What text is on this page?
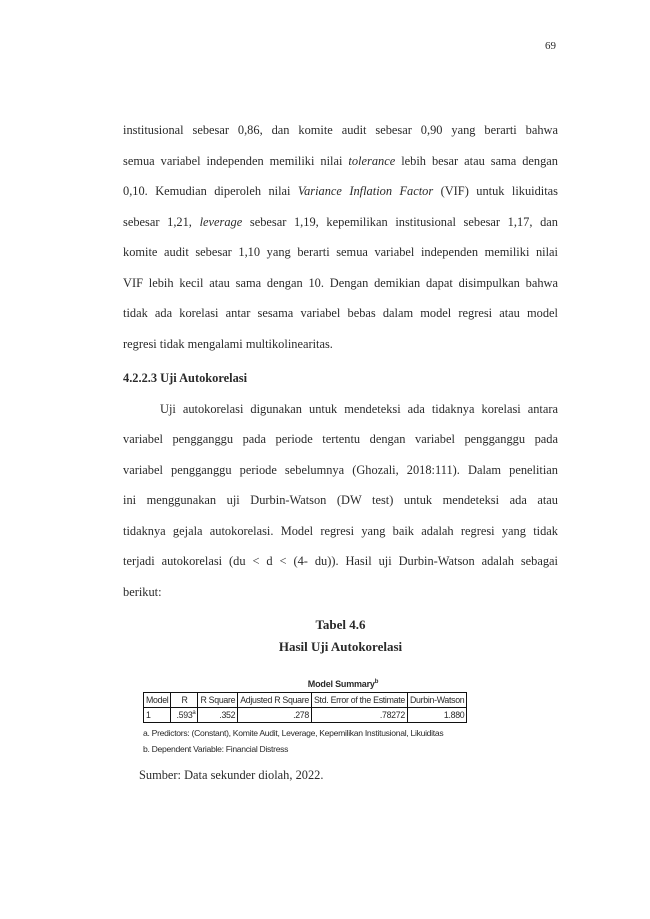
69
institusional sebesar 0,86, dan komite audit sebesar 0,90 yang berarti bahwa
semua variabel independen memiliki nilai tolerance lebih besar atau sama dengan
0,10. Kemudian diperoleh nilai Variance Inflation Factor (VIF) untuk likuiditas
sebesar 1,21, leverage sebesar 1,19, kepemilikan institusional sebesar 1,17, dan
komite audit sebesar 1,10 yang berarti semua variabel independen memiliki nilai
VIF lebih kecil atau sama dengan 10. Dengan demikian dapat disimpulkan bahwa
tidak ada korelasi antar sesama variabel bebas dalam model regresi atau model
regresi tidak mengalami multikolinearitas.
4.2.2.3 Uji Autokorelasi
Uji autokorelasi digunakan untuk mendeteksi ada tidaknya korelasi antara
variabel pengganggu pada periode tertentu dengan variabel pengganggu pada
variabel pengganggu periode sebelumnya (Ghozali, 2018:111). Dalam penelitian
ini menggunakan uji Durbin-Watson (DW test) untuk mendeteksi ada atau
tidaknya gejala autokorelasi. Model regresi yang baik adalah regresi yang tidak
terjadi autokorelasi (du < d < (4- du)). Hasil uji Durbin-Watson adalah sebagai
berikut:
Tabel 4.6
Hasil Uji Autokorelasi
Model Summary$^b$
Model	R	R Square	Adjusted R Square	Std. Error of the Estimate	Durbin-Watson
1	.593$^a$	.352	.278	.78272	1.880
a. Predictors: (Constant), Komite Audit, Leverage, Kepemilikan Institusional, Likuiditas
b. Dependent Variable: Financial Distress
Sumber: Data sekunder diolah, 2022.
